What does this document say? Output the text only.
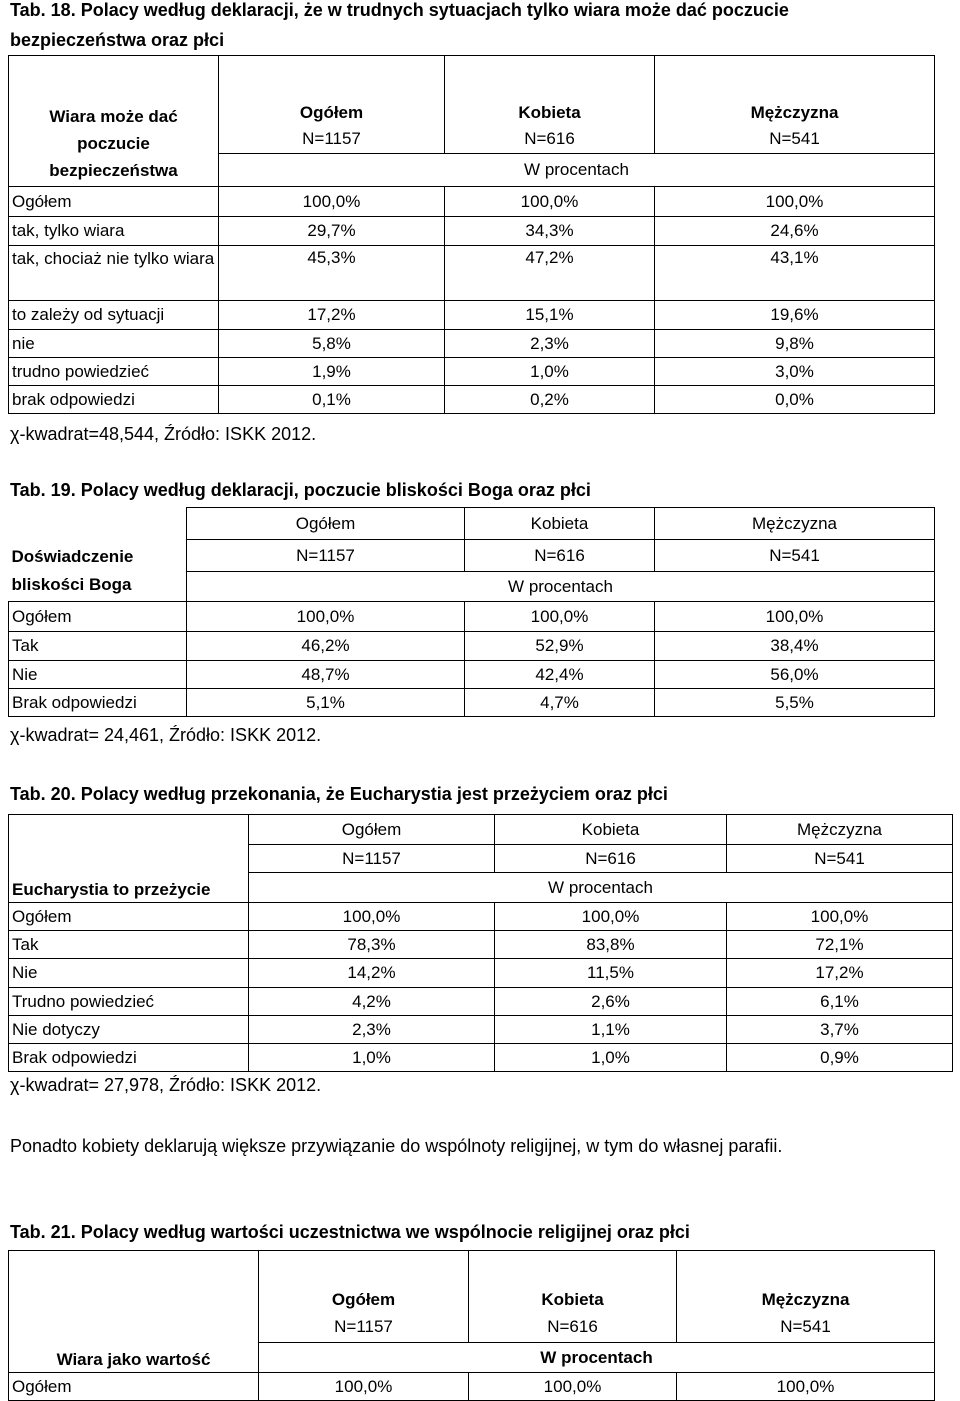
Tab. 18. Polacy według deklaracji, że w trudnych sytuacjach tylko wiara może dać poczucie

bezpieczeństwa oraz płci

Wiara może dać poczucie bezpieczeństwa	Ogółem	Kobieta	Mężczyzna
	N=1157	N=616	N=541
	W procentach		
Ogółem	100,0%	100,0%	100,0%
tak, tylko wiara	29,7%	34,3%	24,6%
tak, chociaż nie tylko wiara	45,3%	47,2%	43,1%
to zależy od sytuacji	17,2%	15,1%	19,6%
nie	5,8%	2,3%	9,8%
trudno powiedzieć	1,9%	1,0%	3,0%
brak odpowiedzi	0,1%	0,2%	0,0%

χ-kwadrat=48,544, Źródło: ISKK 2012.

Tab. 19. Polacy według deklaracji, poczucie bliskości Boga oraz płci

Doświadczenie bliskości Boga	Ogółem	Kobieta	Mężczyzna
	N=1157	N=616	N=541
	W procentach		
Ogółem	100,0%	100,0%	100,0%
Tak	46,2%	52,9%	38,4%
Nie	48,7%	42,4%	56,0%
Brak odpowiedzi	5,1%	4,7%	5,5%

χ-kwadrat= 24,461, Źródło: ISKK 2012.

Tab. 20. Polacy według przekonania, że Eucharystia jest przeżyciem oraz płci

Eucharystia to przeżycie	Ogółem	Kobieta	Mężczyzna
	N=1157	N=616	N=541
	W procentach		
Ogółem	100,0%	100,0%	100,0%
Tak	78,3%	83,8%	72,1%
Nie	14,2%	11,5%	17,2%
Trudno powiedzieć	4,2%	2,6%	6,1%
Nie dotyczy	2,3%	1,1%	3,7%
Brak odpowiedzi	1,0%	1,0%	0,9%

χ-kwadrat= 27,978, Źródło: ISKK 2012.

Ponadto kobiety deklarują większe przywiązanie do wspólnoty religijnej, w tym do własnej parafii.

Tab. 21. Polacy według wartości uczestnictwa we wspólnocie religijnej oraz płci

Wiara jako wartość	Ogółem	Kobieta	Mężczyzna
	N=1157	N=616	N=541
	W procentach		
Ogółem	100,0%	100,0%	100,0%
